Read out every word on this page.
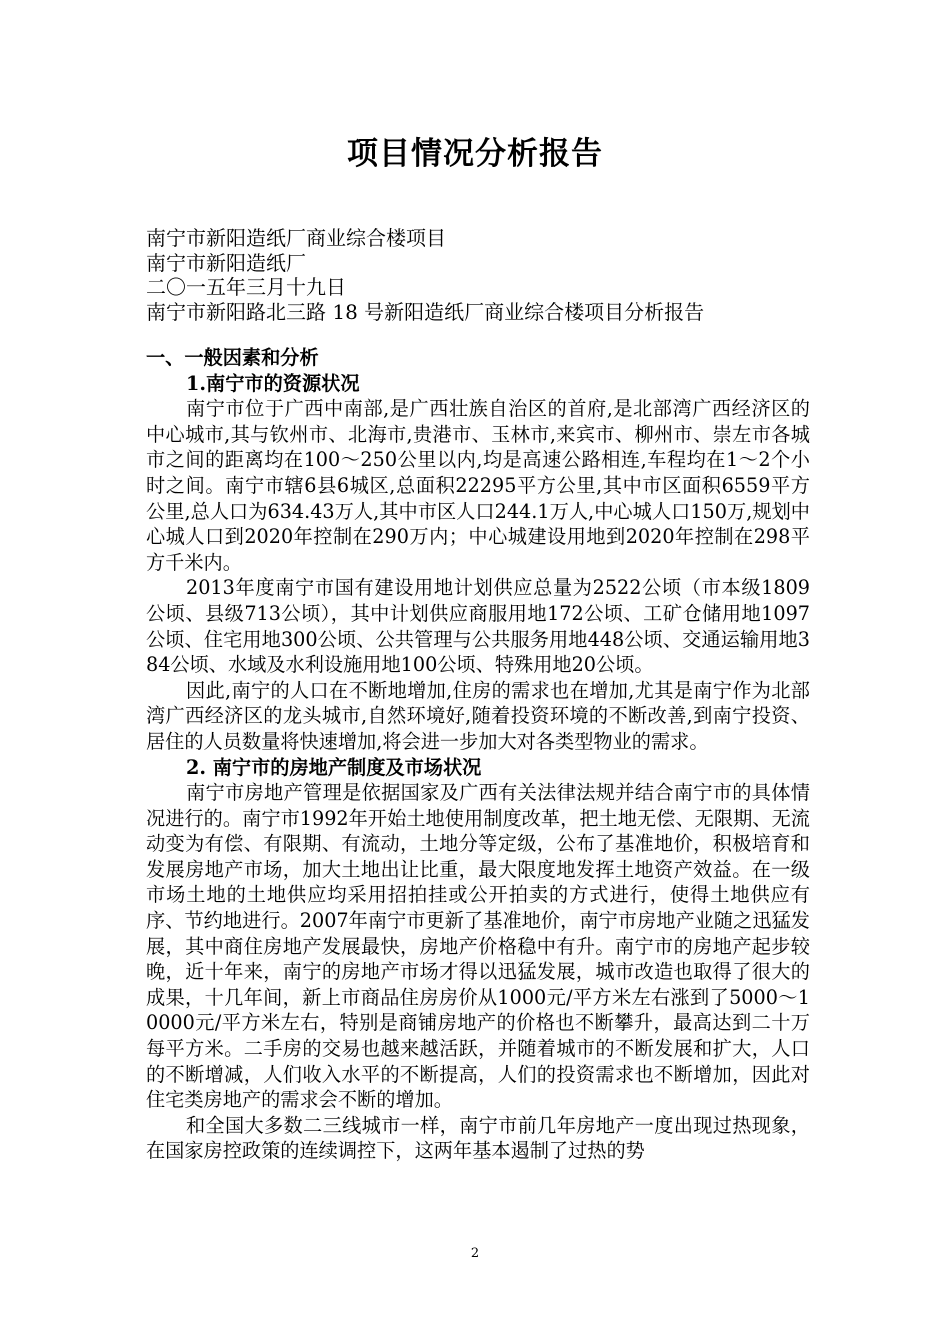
项目情况分析报告
南宁市新阳造纸厂商业综合楼项目
南宁市新阳造纸厂
二〇一五年三月十九日
南宁市新阳路北三路 18 号新阳造纸厂商业综合楼项目分析报告
一、一般因素和分析
1.南宁市的资源状况

南宁市位于广西中南部,是广西壮族自治区的首府,是北部湾广西经济区的中心城市,其与钦州市、北海市,贵港市、玉林市,来宾市、柳州市、崇左市各城市之间的距离均在100～250公里以内,均是高速公路相连,车程均在1～2个小时之间。南宁市辖6县6城区,总面积22295平方公里,其中市区面积6559平方公里,总人口为634.43万人,其中市区人口244.1万人,中心城人口150万,规划中心城人口到2020年控制在290万内；中心城建设用地到2020年控制在298平方千米内。

2013年度南宁市国有建设用地计划供应总量为2522公顷（市本级1809公顷、县级713公顷），其中计划供应商服用地172公顷、工矿仓储用地1097公顷、住宅用地300公顷、公共管理与公共服务用地448公顷、交通运输用地384公顷、水域及水利设施用地100公顷、特殊用地20公顷。

因此,南宁的人口在不断地增加,住房的需求也在增加,尤其是南宁作为北部湾广西经济区的龙头城市,自然环境好,随着投资环境的不断改善,到南宁投资、居住的人员数量将快速增加,将会进一步加大对各类型物业的需求。

2. 南宁市的房地产制度及市场状况

南宁市房地产管理是依据国家及广西有关法律法规并结合南宁市的具体情况进行的。南宁市1992年开始土地使用制度改革，把土地无偿、无限期、无流动变为有偿、有限期、有流动，土地分等定级，公布了基准地价，积极培育和发展房地产市场，加大土地出让比重，最大限度地发挥土地资产效益。在一级市场土地的土地供应均采用招拍挂或公开拍卖的方式进行，使得土地供应有序、节约地进行。2007年南宁市更新了基准地价，南宁市房地产业随之迅猛发展，其中商住房地产发展最快，房地产价格稳中有升。南宁市的房地产起步较晚，近十年来，南宁的房地产市场才得以迅猛发展，城市改造也取得了很大的成果，十几年间，新上市商品住房房价从1000元/平方米左右涨到了5000～10000元/平方米左右，特别是商铺房地产的价格也不断攀升，最高达到二十万每平方米。二手房的交易也越来越活跃，并随着城市的不断发展和扩大，人口的不断增减，人们收入水平的不断提高，人们的投资需求也不断增加，因此对住宅类房地产的需求会不断的增加。

和全国大多数二三线城市一样，南宁市前几年房地产一度出现过热现象，在国家房控政策的连续调控下，这两年基本遏制了过热的势

2
